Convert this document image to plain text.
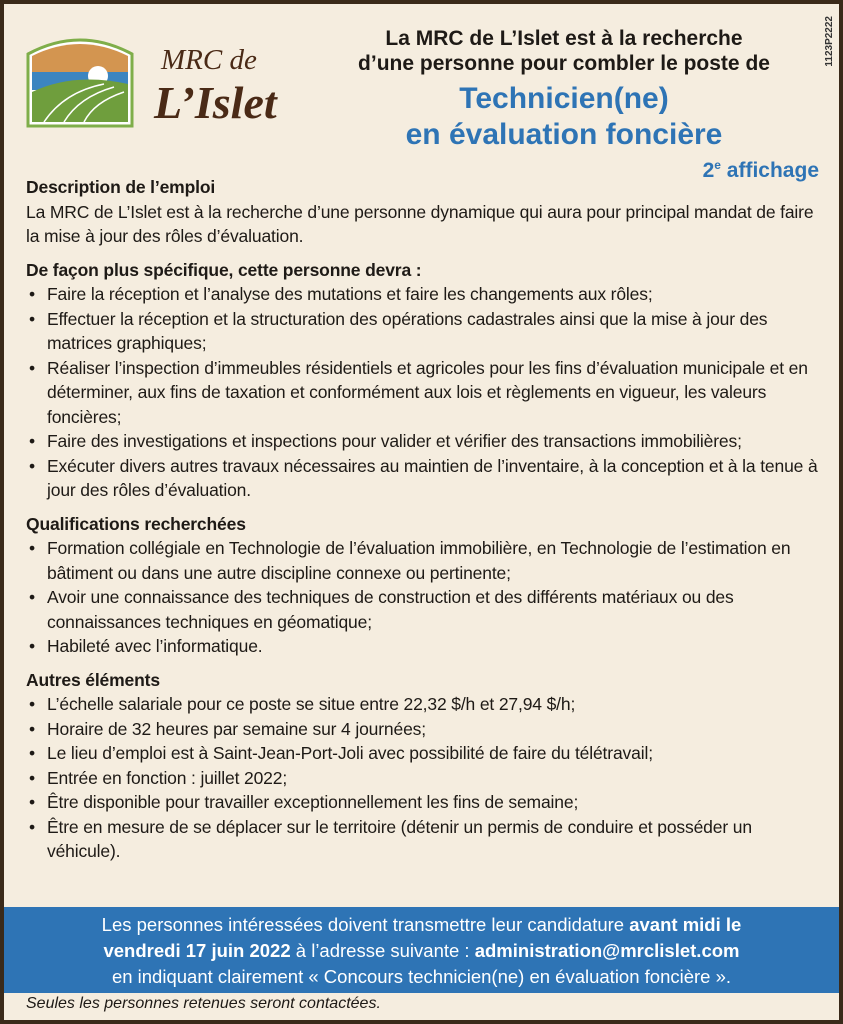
MRC de
L’Islet
1123P2222
La MRC de L’Islet est à la recherche
d’une personne pour combler le poste de
Technicien(ne)
en évaluation foncière
2e affichage
Description de l’emploi

La MRC de L’Islet est à la recherche d’une personne dynamique qui aura pour principal mandat de faire la mise à jour des rôles d’évaluation.

De façon plus spécifique, cette personne devra :
• Faire la réception et l’analyse des mutations et faire les changements aux rôles;
• Effectuer la réception et la structuration des opérations cadastrales ainsi que la mise à jour des matrices graphiques;
• Réaliser l’inspection d’immeubles résidentiels et agricoles pour les fins d’évaluation municipale et en déterminer, aux fins de taxation et conformément aux lois et règlements en vigueur, les valeurs foncières;
• Faire des investigations et inspections pour valider et vérifier des transactions immobilières;
• Exécuter divers autres travaux nécessaires au maintien de l’inventaire, à la conception et à la tenue à jour des rôles d’évaluation.
Qualifications recherchées
• Formation collégiale en Technologie de l’évaluation immobilière, en Technologie de l’estimation en bâtiment ou dans une autre discipline connexe ou pertinente;
• Avoir une connaissance des techniques de construction et des différents matériaux ou des connaissances techniques en géomatique;
• Habileté avec l’informatique.
Autres éléments
• L’échelle salariale pour ce poste se situe entre 22,32 $/h et 27,94 $/h;
• Horaire de 32 heures par semaine sur 4 journées;
• Le lieu d’emploi est à Saint-Jean-Port-Joli avec possibilité de faire du télétravail;
• Entrée en fonction : juillet 2022;
• Être disponible pour travailler exceptionnellement les fins de semaine;
• Être en mesure de se déplacer sur le territoire (détenir un permis de conduire et posséder un véhicule).
Les personnes intéressées doivent transmettre leur candidature avant midi le
vendredi 17 juin 2022 à l’adresse suivante : administration@mrclislet.com
en indiquant clairement « Concours technicien(ne) en évaluation foncière ».
Seules les personnes retenues seront contactées.
